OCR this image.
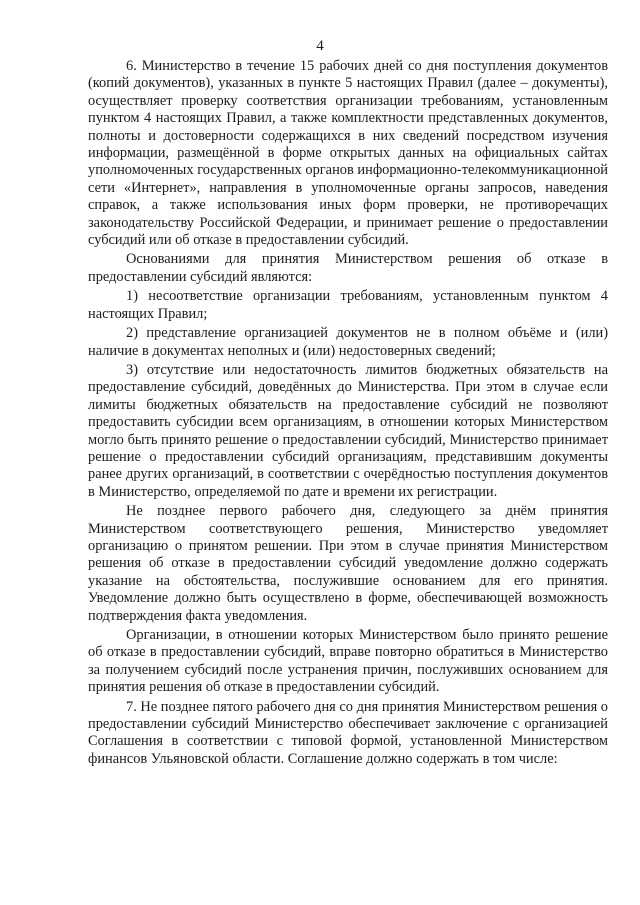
4

6. Министерство в течение 15 рабочих дней со дня поступления документов (копий документов), указанных в пункте 5 настоящих Правил (далее – документы), осуществляет проверку соответствия организации требованиям, установленным пунктом 4 настоящих Правил, а также комплектности представленных документов, полноты и достоверности содержащихся в них сведений посредством изучения информации, размещённой в форме открытых данных на официальных сайтах уполномоченных государственных органов информационно-телекоммуникационной сети «Интернет», направления в уполномоченные органы запросов, наведения справок, а также использования иных форм проверки, не противоречащих законодательству Российской Федерации, и принимает решение о предоставлении субсидий или об отказе в предоставлении субсидий.

Основаниями для принятия Министерством решения об отказе в предоставлении субсидий являются:

1) несоответствие организации требованиям, установленным пунктом 4 настоящих Правил;

2) представление организацией документов не в полном объёме и (или) наличие в документах неполных и (или) недостоверных сведений;

3) отсутствие или недостаточность лимитов бюджетных обязательств на предоставление субсидий, доведённых до Министерства. При этом в случае если лимиты бюджетных обязательств на предоставление субсидий не позволяют предоставить субсидии всем организациям, в отношении которых Министерством могло быть принято решение о предоставлении субсидий, Министерство принимает решение о предоставлении субсидий организациям, представившим документы ранее других организаций, в соответствии с очерёдностью поступления документов в Министерство, определяемой по дате и времени их регистрации.

Не позднее первого рабочего дня, следующего за днём принятия Министерством соответствующего решения, Министерство уведомляет организацию о принятом решении. При этом в случае принятия Министерством решения об отказе в предоставлении субсидий уведомление должно содержать указание на обстоятельства, послужившие основанием для его принятия. Уведомление должно быть осуществлено в форме, обеспечивающей возможность подтверждения факта уведомления.

Организации, в отношении которых Министерством было принято решение об отказе в предоставлении субсидий, вправе повторно обратиться в Министерство за получением субсидий после устранения причин, послуживших основанием для принятия решения об отказе в предоставлении субсидий.

7. Не позднее пятого рабочего дня со дня принятия Министерством решения о предоставлении субсидий Министерство обеспечивает заключение с организацией Соглашения в соответствии с типовой формой, установленной Министерством финансов Ульяновской области. Соглашение должно содержать в том числе:
